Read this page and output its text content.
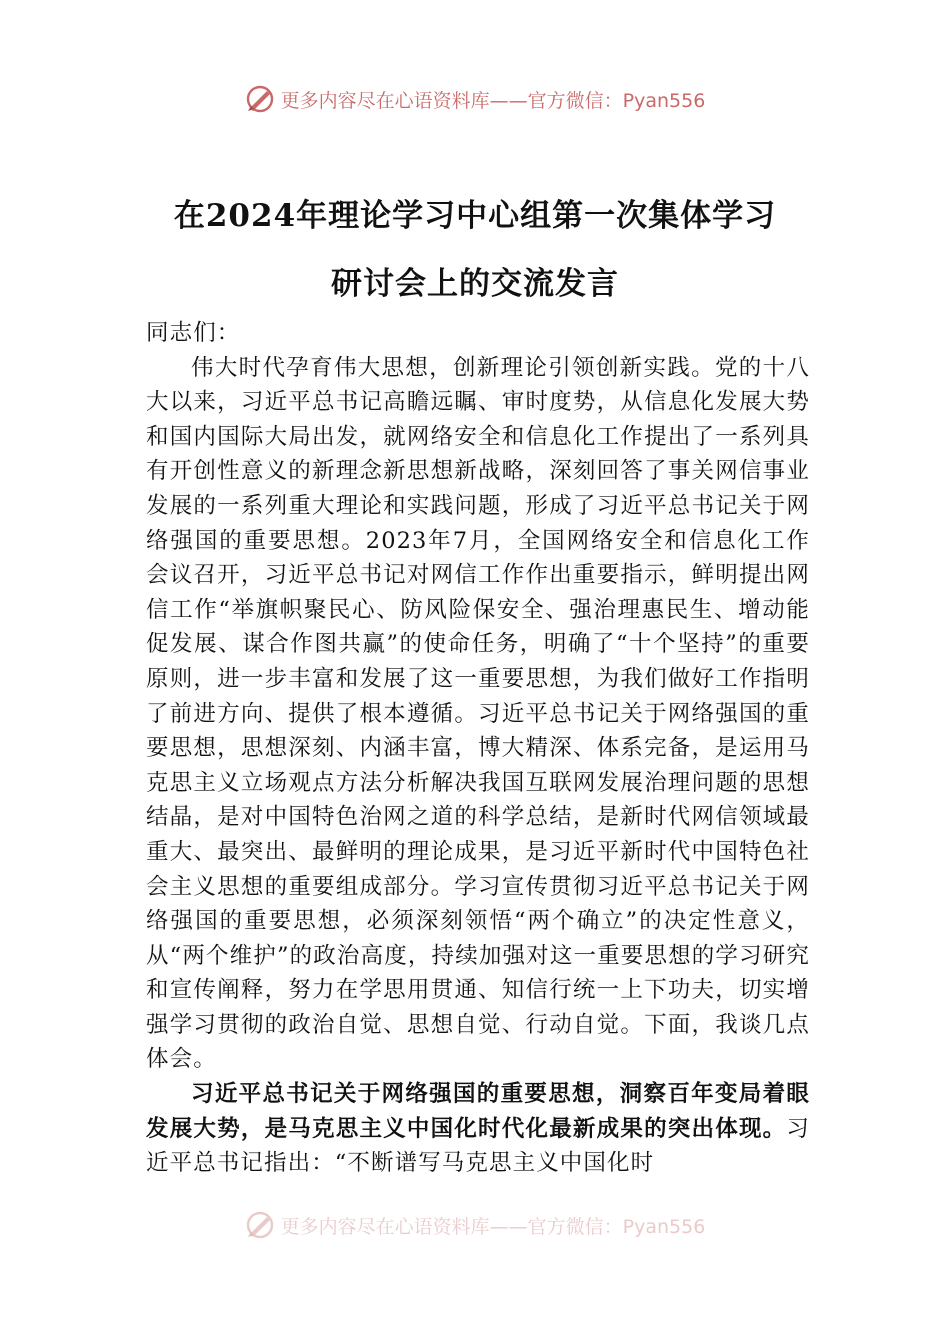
更多内容尽在心语资料库——官方微信：Pyan556
在2024年理论学习中心组第一次集体学习
研讨会上的交流发言

同志们：

伟大时代孕育伟大思想，创新理论引领创新实践。党的十八大以来，习近平总书记高瞻远瞩、审时度势，从信息化发展大势和国内国际大局出发，就网络安全和信息化工作提出了一系列具有开创性意义的新理念新思想新战略，深刻回答了事关网信事业发展的一系列重大理论和实践问题，形成了习近平总书记关于网络强国的重要思想。2023年7月，全国网络安全和信息化工作会议召开，习近平总书记对网信工作作出重要指示，鲜明提出网信工作“举旗帜聚民心、防风险保安全、强治理惠民生、增动能促发展、谋合作图共赢”的使命任务，明确了“十个坚持”的重要原则，进一步丰富和发展了这一重要思想，为我们做好工作指明了前进方向、提供了根本遵循。习近平总书记关于网络强国的重要思想，思想深刻、内涵丰富，博大精深、体系完备，是运用马克思主义立场观点方法分析解决我国互联网发展治理问题的思想结晶，是对中国特色治网之道的科学总结，是新时代网信领域最重大、最突出、最鲜明的理论成果，是习近平新时代中国特色社会主义思想的重要组成部分。学习宣传贯彻习近平总书记关于网络强国的重要思想，必须深刻领悟“两个确立”的决定性意义，从“两个维护”的政治高度，持续加强对这一重要思想的学习研究和宣传阐释，努力在学思用贯通、知信行统一上下功夫，切实增强学习贯彻的政治自觉、思想自觉、行动自觉。下面，我谈几点体会。

习近平总书记关于网络强国的重要思想，洞察百年变局着眼发展大势，是马克思主义中国化时代化最新成果的突出体现。习近平总书记指出：“不断谱写马克思主义中国化时

更多内容尽在心语资料库——官方微信：Pyan556
